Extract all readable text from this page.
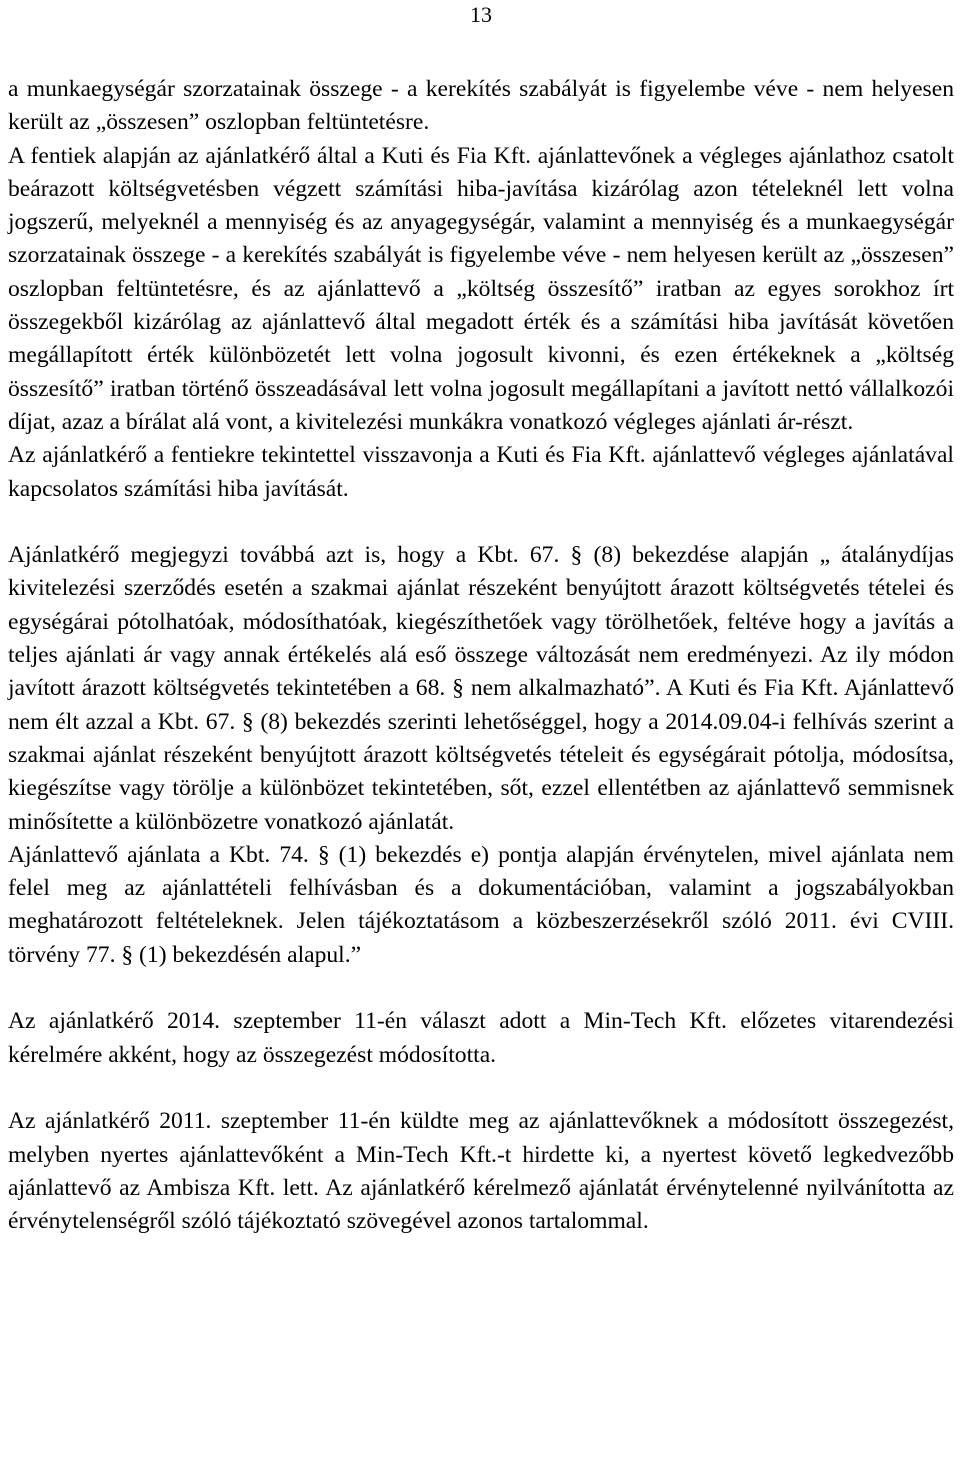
13

a munkaegységár szorzatainak összege - a kerekítés szabályát is figyelembe véve - nem helyesen került az „összesen” oszlopban feltüntetésre.

A fentiek alapján az ajánlatkérő által a Kuti és Fia Kft. ajánlattevőnek a végleges ajánlathoz csatolt beárazott költségvetésben végzett számítási hiba-javítása kizárólag azon tételeknél lett volna jogszerű, melyeknél a mennyiség és az anyagegységár, valamint a mennyiség és a munkaegységár szorzatainak összege - a kerekítés szabályát is figyelembe véve - nem helyesen került az „összesen” oszlopban feltüntetésre, és az ajánlattevő a „költség összesítő” iratban az egyes sorokhoz írt összegekből kizárólag az ajánlattevő által megadott érték és a számítási hiba javítását követően megállapított érték különbözetét lett volna jogosult kivonni, és ezen értékeknek a „költség összesítő” iratban történő összeadásával lett volna jogosult megállapítani a javított nettó vállalkozói díjat, azaz a bírálat alá vont, a kivitelezési munkákra vonatkozó végleges ajánlati ár-részt.

Az ajánlatkérő a fentiekre tekintettel visszavonja a Kuti és Fia Kft. ajánlattevő végleges ajánlatával kapcsolatos számítási hiba javítását.

Ajánlatkérő megjegyzi továbbá azt is, hogy a Kbt. 67. § (8) bekezdése alapján „ átalánydíjas kivitelezési szerződés esetén a szakmai ajánlat részeként benyújtott árazott költségvetés tételei és egységárai pótolhatóak, módosíthatóak, kiegészíthetőek vagy törölhetőek, feltéve hogy a javítás a teljes ajánlati ár vagy annak értékelés alá eső összege változását nem eredményezi. Az ily módon javított árazott költségvetés tekintetében a 68. § nem alkalmazható”. A Kuti és Fia Kft. Ajánlattevő nem élt azzal a Kbt. 67. § (8) bekezdés szerinti lehetőséggel, hogy a 2014.09.04-i felhívás szerint a szakmai ajánlat részeként benyújtott árazott költségvetés tételeit és egységárait pótolja, módosítsa, kiegészítse vagy törölje a különbözet tekintetében, sőt, ezzel ellentétben az ajánlattevő semmisnek minősítette a különbözetre vonatkozó ajánlatát.

Ajánlattevő ajánlata a Kbt. 74. § (1) bekezdés e) pontja alapján érvénytelen, mivel ajánlata nem felel meg az ajánlattételi felhívásban és a dokumentációban, valamint a jogszabályokban meghatározott feltételeknek. Jelen tájékoztatásom a közbeszerzésekről szóló 2011. évi CVIII. törvény 77. § (1) bekezdésén alapul.”

Az ajánlatkérő 2014. szeptember 11-én választ adott a Min-Tech Kft. előzetes vitarendezési kérelmére akként, hogy az összegezést módosította.

Az ajánlatkérő 2011. szeptember 11-én küldte meg az ajánlattevőknek a módosított összegezést, melyben nyertes ajánlattevőként a Min-Tech Kft.-t hirdette ki, a nyertest követő legkedvezőbb ajánlattevő az Ambisza Kft. lett. Az ajánlatkérő kérelmező ajánlatát érvénytelenné nyilvánította az érvénytelenségről szóló tájékoztató szövegével azonos tartalommal.
